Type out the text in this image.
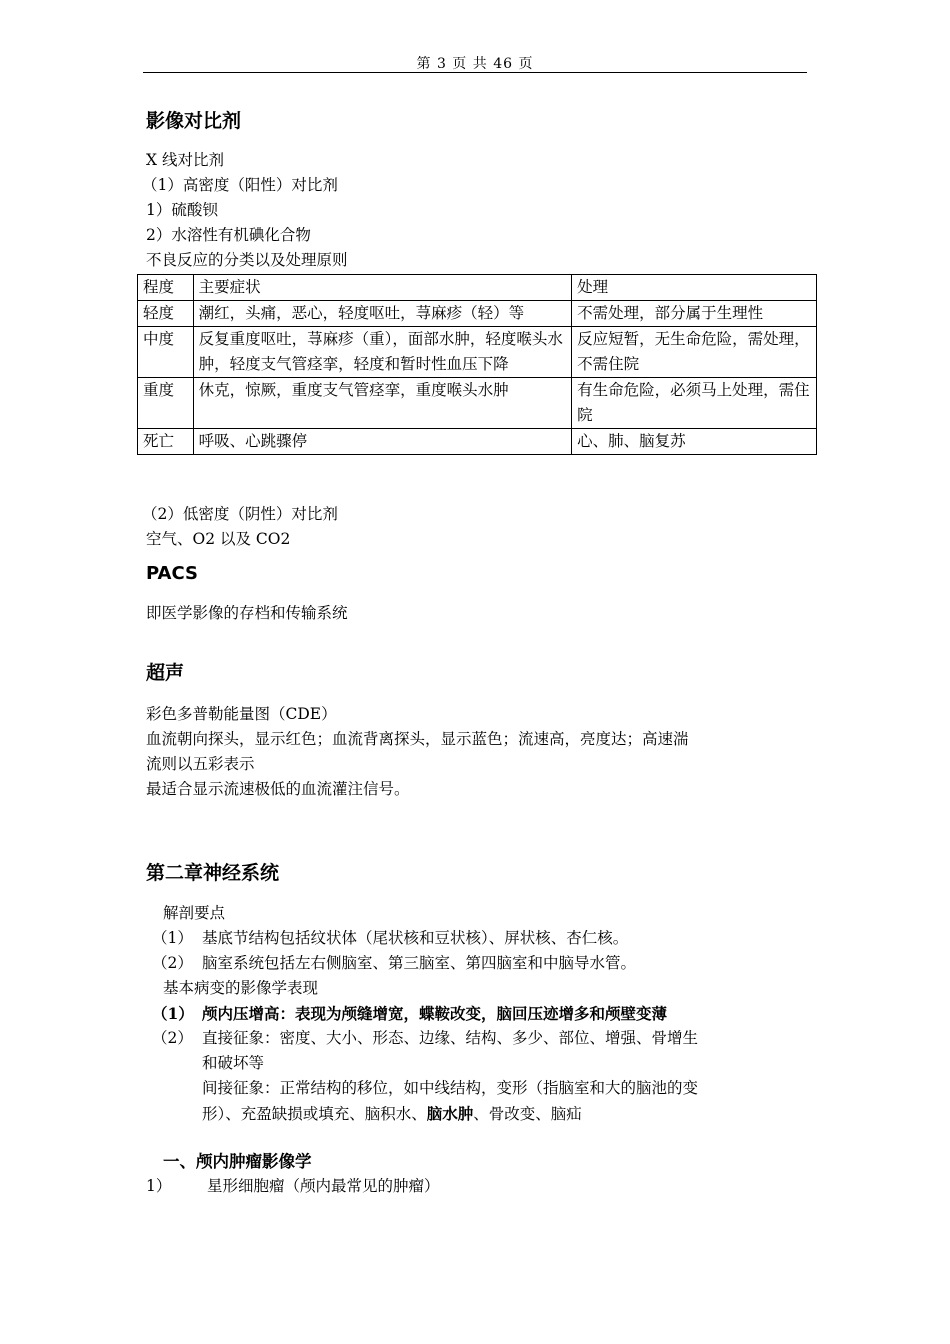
第 3 页 共 46 页
影像对比剂
X 线对比剂
（1）高密度（阳性）对比剂
1）硫酸钡
2）水溶性有机碘化合物
不良反应的分类以及处理原则
程度	主要症状	处理
轻度	潮红，头痛，恶心，轻度呕吐，荨麻疹（轻）等	不需处理，部分属于生理性
中度	反复重度呕吐，荨麻疹（重），面部水肿，轻度喉头水肿，轻度支气管痉挛，轻度和暂时性血压下降	反应短暂，无生命危险，需处理，不需住院
重度	休克，惊厥，重度支气管痉挛，重度喉头水肿	有生命危险，必须马上处理，需住院
死亡	呼吸、心跳骤停	心、肺、脑复苏
（2）低密度（阴性）对比剂
空气、O2 以及 CO2
PACS
即医学影像的存档和传输系统
超声
彩色多普勒能量图（CDE）
血流朝向探头，显示红色；血流背离探头，显示蓝色；流速高，亮度达；高速湍
流则以五彩表示
最适合显示流速极低的血流灌注信号。
第二章神经系统
解剖要点
（1） 基底节结构包括纹状体（尾状核和豆状核）、屏状核、杏仁核。
（2） 脑室系统包括左右侧脑室、第三脑室、第四脑室和中脑导水管。
基本病变的影像学表现
（1） 颅内压增高：表现为颅缝增宽，蝶鞍改变，脑回压迹增多和颅壁变薄
（2） 直接征象：密度、大小、形态、边缘、结构、多少、部位、增强、骨增生
和破坏等
间接征象：正常结构的移位，如中线结构，变形（指脑室和大的脑池的变
形）、充盈缺损或填充、脑积水、脑水肿、骨改变、脑疝
一、颅内肿瘤影像学
1） 星形细胞瘤（颅内最常见的肿瘤）
